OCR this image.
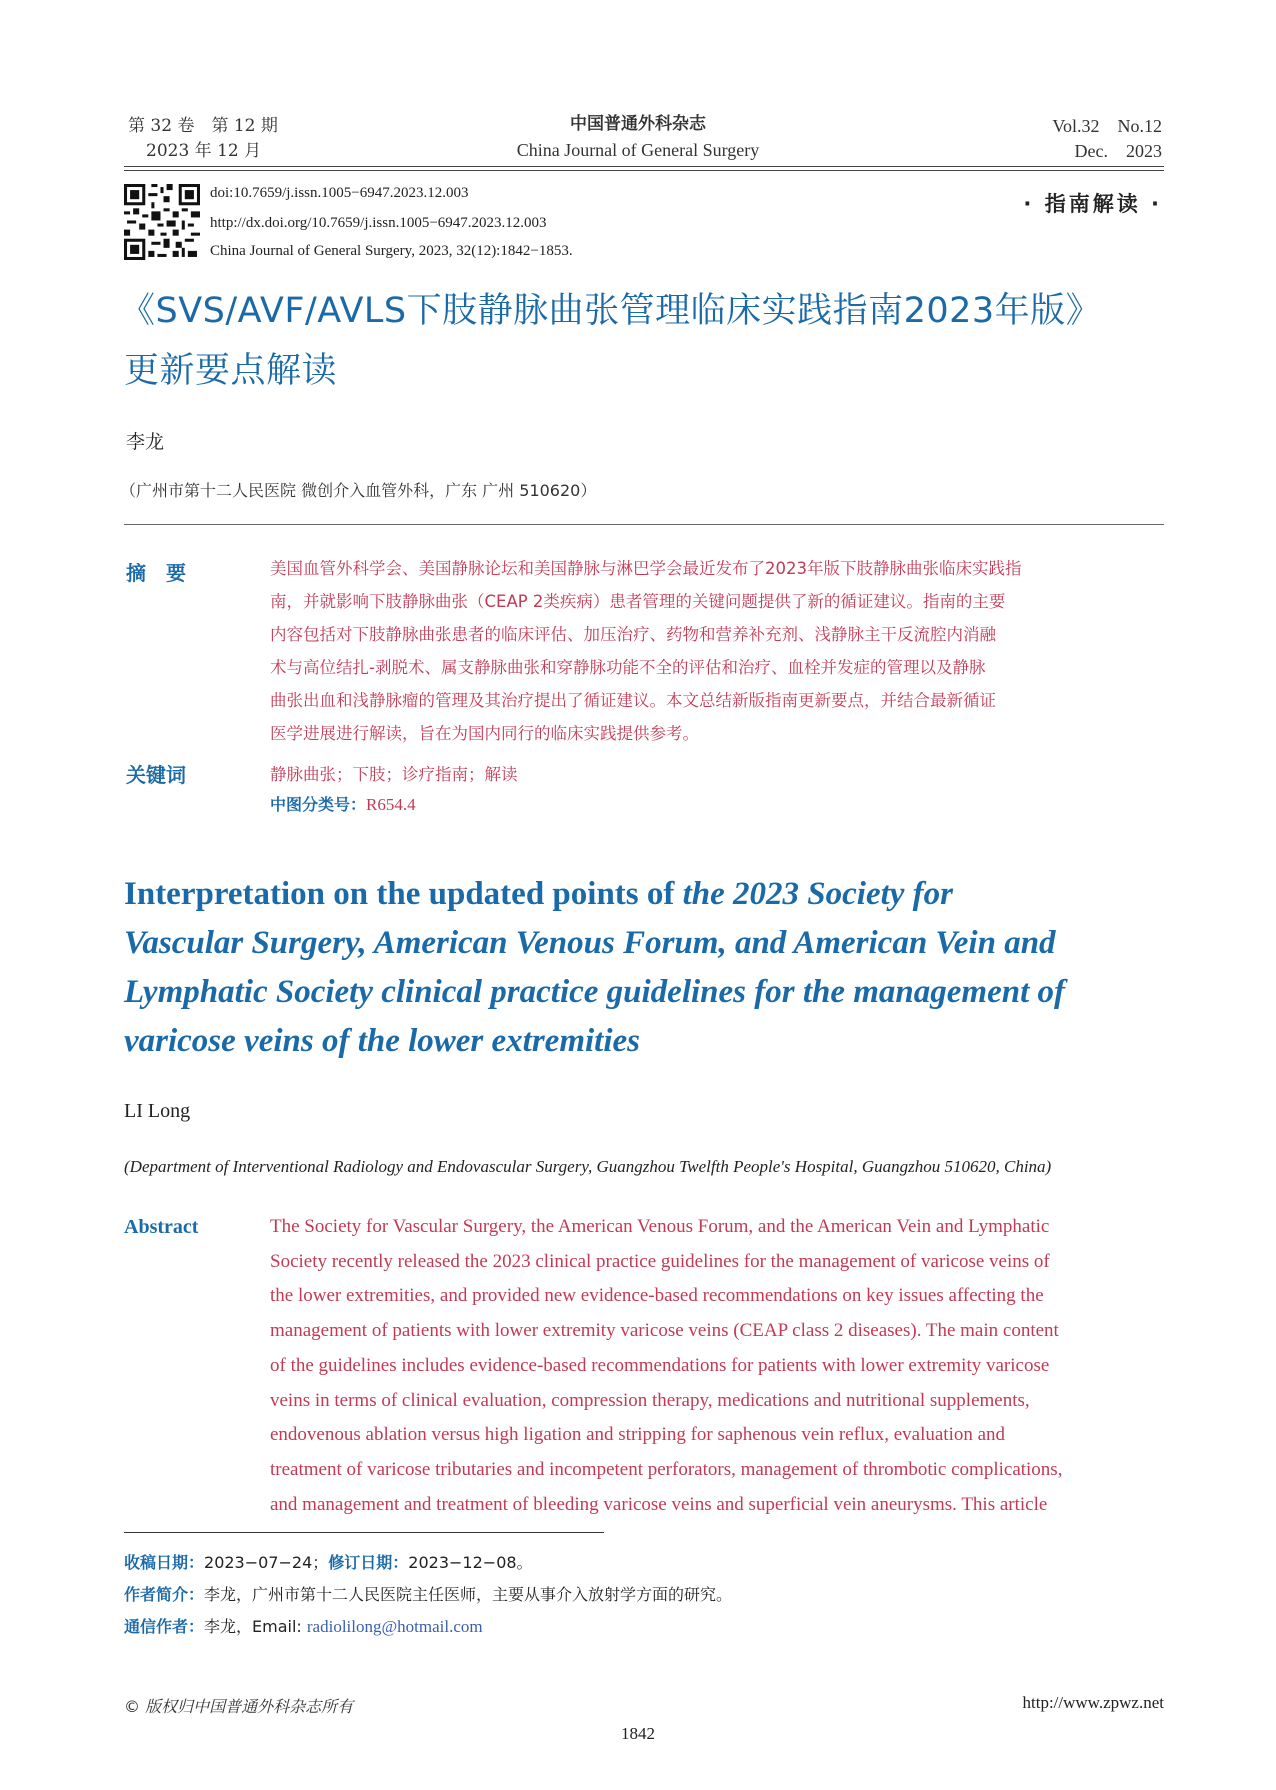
第 32 卷　第 12 期
2023 年 12 月
中国普通外科杂志
China Journal of General Surgery
Vol.32　No.12
Dec.　2023
doi:10.7659/j.issn.1005−6947.2023.12.003
http://dx.doi.org/10.7659/j.issn.1005−6947.2023.12.003
China Journal of General Surgery, 2023, 32(12):1842−1853.
· 指南解读 ·
《SVS/AVF/AVLS下肢静脉曲张管理临床实践指南2023年版》
更新要点解读
李龙
（广州市第十二人民医院 微创介入血管外科，广东 广州 510620）
摘　要	美国血管外科学会、美国静脉论坛和美国静脉与淋巴学会最近发布了2023年版下肢静脉曲张临床实践指
南，并就影响下肢静脉曲张（CEAP 2类疾病）患者管理的关键问题提供了新的循证建议。指南的主要
内容包括对下肢静脉曲张患者的临床评估、加压治疗、药物和营养补充剂、浅静脉主干反流腔内消融
术与高位结扎-剥脱术、属支静脉曲张和穿静脉功能不全的评估和治疗、血栓并发症的管理以及静脉
曲张出血和浅静脉瘤的管理及其治疗提出了循证建议。本文总结新版指南更新要点，并结合最新循证
医学进展进行解读，旨在为国内同行的临床实践提供参考。
关键词	静脉曲张；下肢；诊疗指南；解读
中图分类号：R654.4
Interpretation on the updated points of the 2023 Society for
Vascular Surgery, American Venous Forum, and American Vein and
Lymphatic Society clinical practice guidelines for the management of
varicose veins of the lower extremities
LI Long
(Department of Interventional Radiology and Endovascular Surgery, Guangzhou Twelfth People's Hospital, Guangzhou 510620, China)
Abstract	The Society for Vascular Surgery, the American Venous Forum, and the American Vein and Lymphatic
Society recently released the 2023 clinical practice guidelines for the management of varicose veins of
the lower extremities, and provided new evidence-based recommendations on key issues affecting the
management of patients with lower extremity varicose veins (CEAP class 2 diseases). The main content
of the guidelines includes evidence-based recommendations for patients with lower extremity varicose
veins in terms of clinical evaluation, compression therapy, medications and nutritional supplements,
endovenous ablation versus high ligation and stripping for saphenous vein reflux, evaluation and
treatment of varicose tributaries and incompetent perforators, management of thrombotic complications,
and management and treatment of bleeding varicose veins and superficial vein aneurysms. This article
收稿日期：2023−07−24；修订日期：2023−12−08。
作者简介：李龙，广州市第十二人民医院主任医师，主要从事介入放射学方面的研究。
通信作者：李龙，Email: radiolilong@hotmail.com
© 版权归中国普通外科杂志所有	http://www.zpwz.net
1842
